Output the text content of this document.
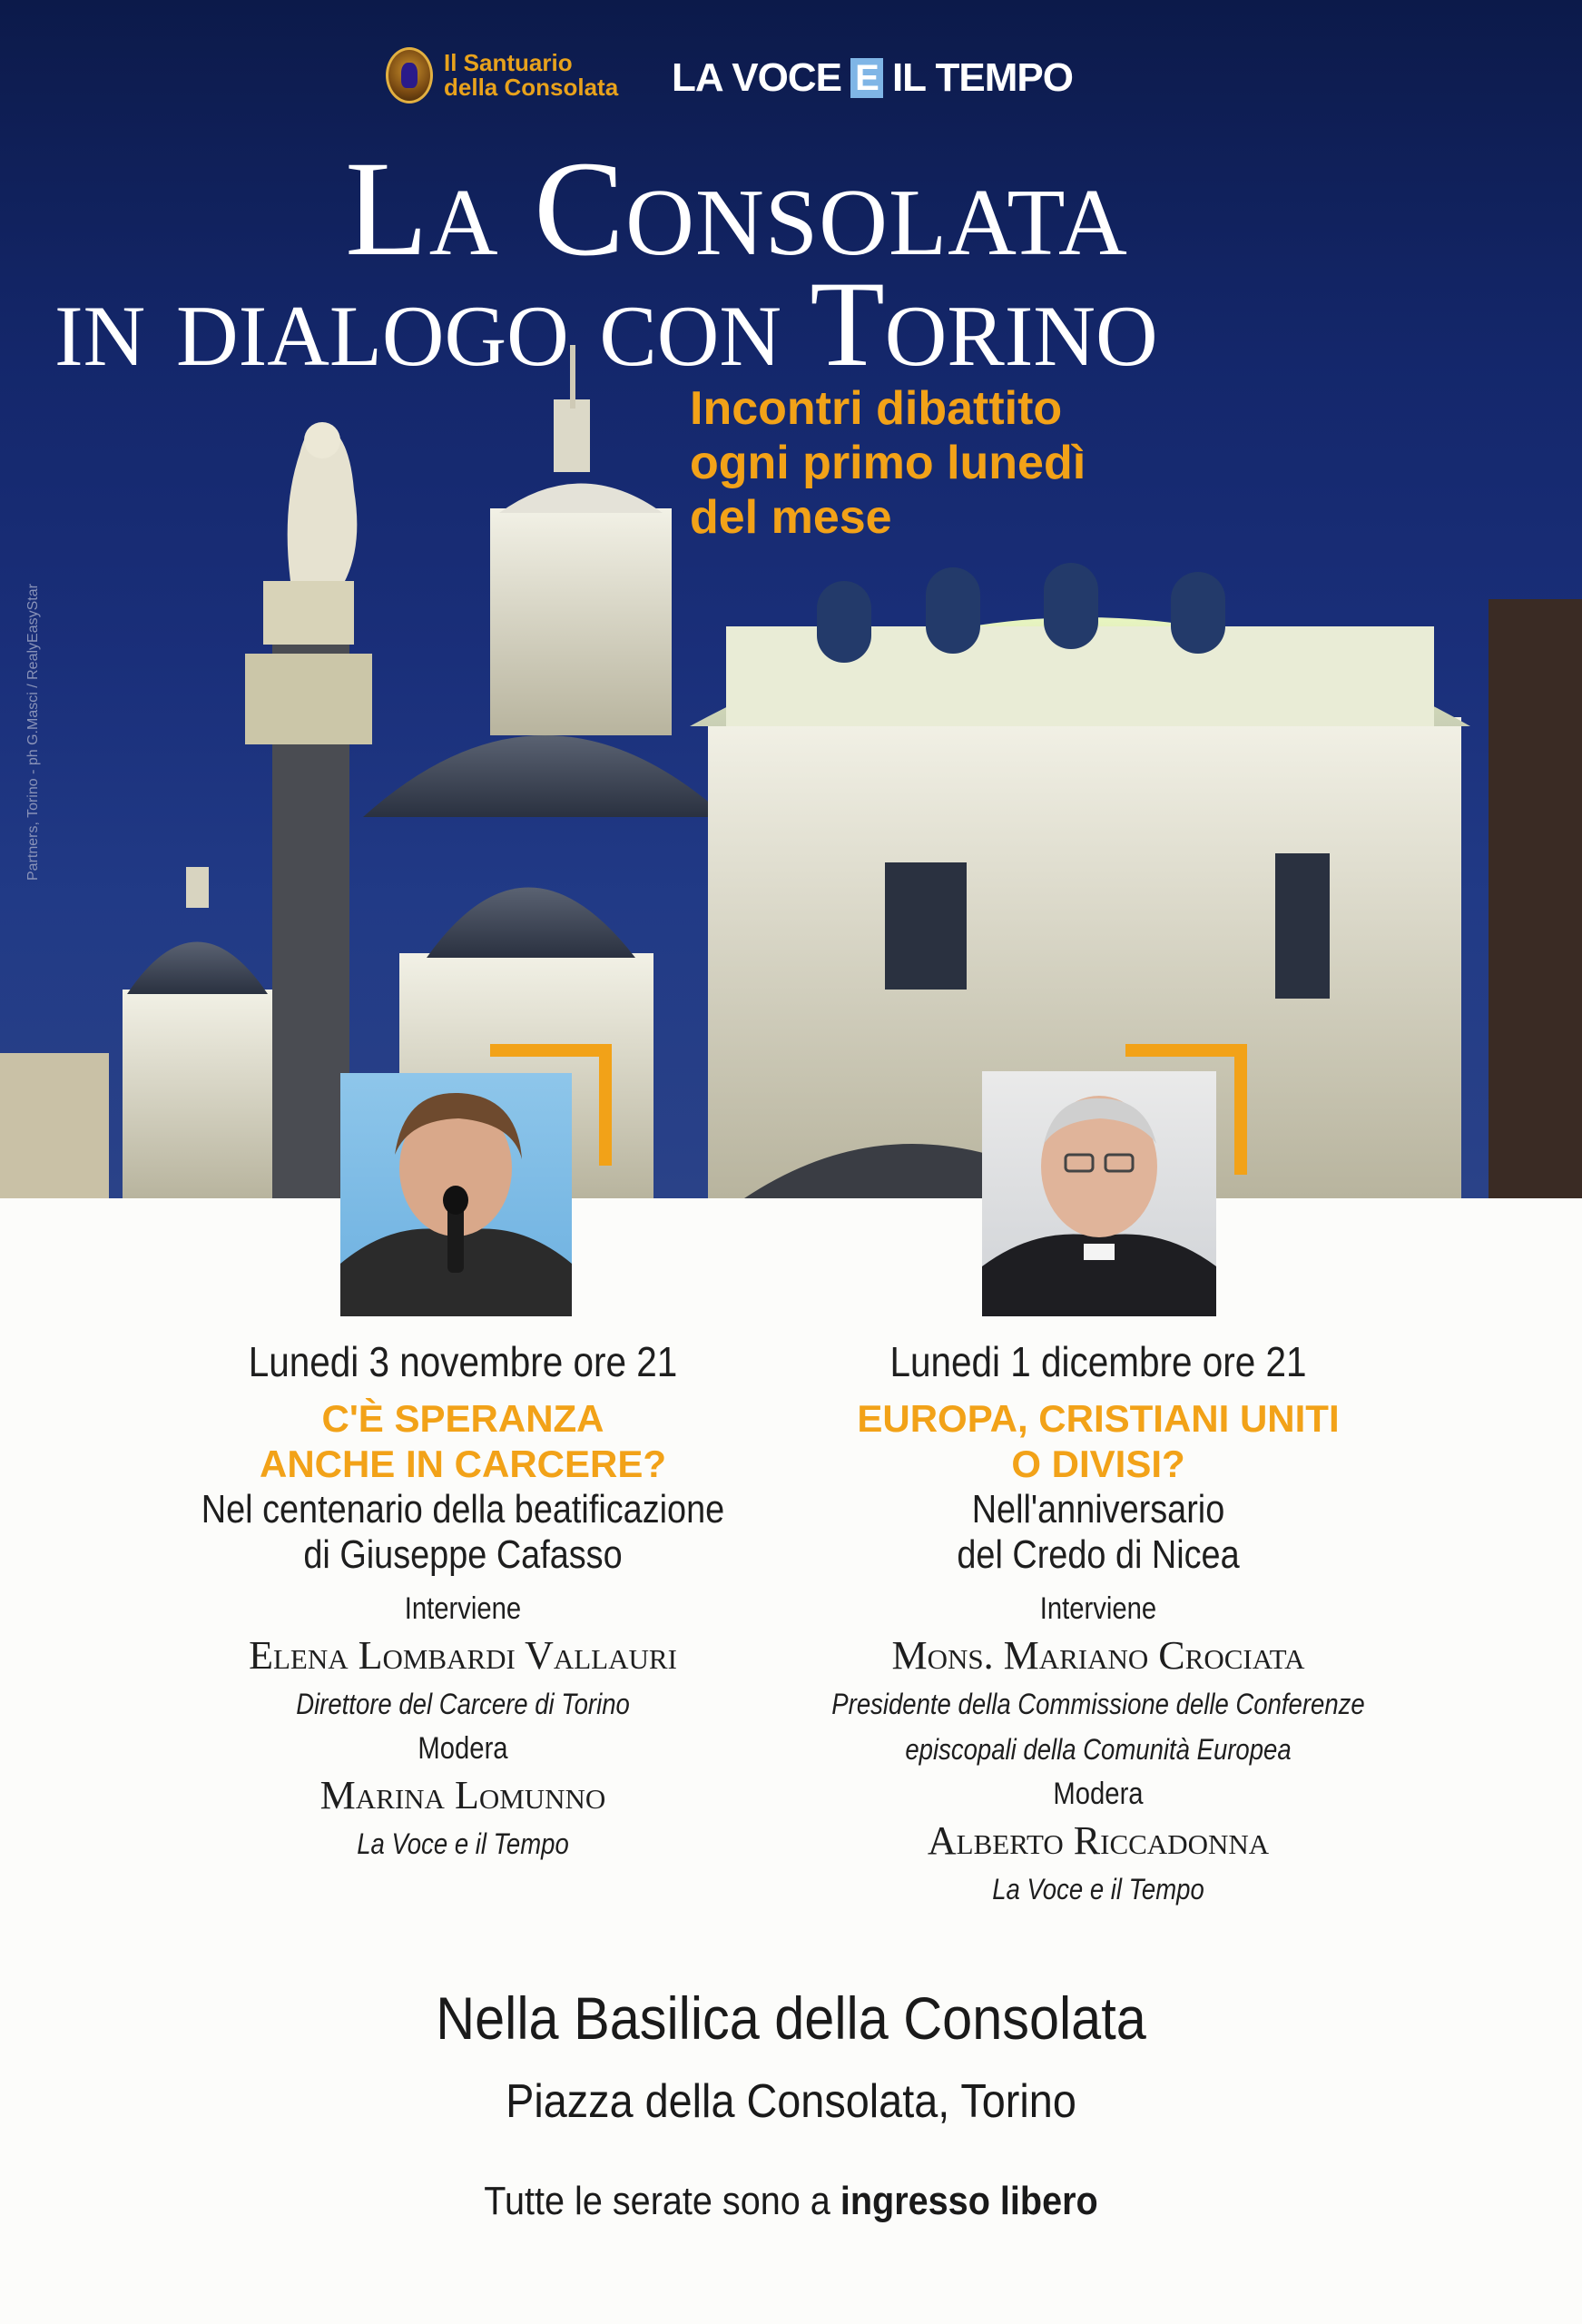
Il Santuario
della Consolata LA VOCE E IL TEMPO
La Consolata
in dialogo con Torino
Incontri dibattito
ogni primo lunedì
del mese
Partners, Torino - ph G.Masci / RealyEasyStar
Lunedi 3 novembre ore 21
C'È SPERANZA
ANCHE IN CARCERE?
Nel centenario della beatificazione
di Giuseppe Cafasso
Interviene
Elena Lombardi Vallauri
Direttore del Carcere di Torino
Modera
Marina Lomunno
La Voce e il Tempo
Lunedi 1 dicembre ore 21
EUROPA, CRISTIANI UNITI
O DIVISI?
Nell'anniversario
del Credo di Nicea
Interviene
Mons. Mariano Crociata
Presidente della Commissione delle Conferenze
episcopali della Comunità Europea
Modera
Alberto Riccadonna
La Voce e il Tempo
Nella Basilica della Consolata
Piazza della Consolata, Torino
Tutte le serate sono a ingresso libero
